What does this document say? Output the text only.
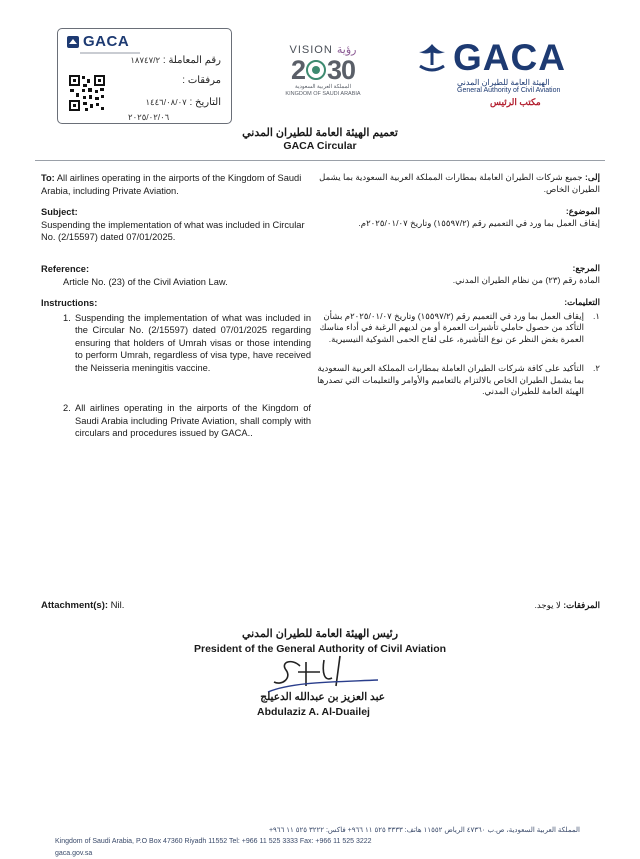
GACA
رقم المعاملة : ١٨٧٤٧/٢
مرفقات :
التاريخ : ١٤٤٦/٠٨/٠٧
٢٠٢٥/٠٢/٠٦
VISION رؤية
2 30
المملكة العربية السعودية
KINGDOM OF SAUDI ARABIA
GACA
الهيئة العامة للطيران المدني
General Authority of Civil Aviation
مكتب الرئيس
تعميم الهيئة العامة للطيران المدني
GACA Circular
To: All airlines operating in the airports of the Kingdom of Saudi Arabia, including Private Aviation.
إلى: جميع شركات الطيران العاملة بمطارات المملكة العربية السعودية بما يشمل الطيران الخاص.
Subject:
Suspending the implementation of what was included in Circular No. (2/15597) dated 07/01/2025.
الموضوع:
إيقاف العمل بما ورد في التعميم رقم (١٥٥٩٧/٢) وتاريخ ٢٠٢٥/٠١/٠٧م.
Reference:
Article No. (23) of the Civil Aviation Law.
المرجع:
المادة رقم (٢٣) من نظام الطيران المدني.
Instructions:
1. Suspending the implementation of what was included in the Circular No. (2/15597) dated 07/01/2025 regarding ensuring that holders of Umrah visas or those intending to perform Umrah, regardless of visa type, have received the Neisseria meningitis vaccine.
2. All airlines operating in the airports of the Kingdom of Saudi Arabia including Private Aviation, shall comply with circulars and procedures issued by GACA..
التعليمات:
١.
إيقاف العمل بما ورد في التعميم رقم (١٥٥٩٧/٢) وتاريخ ٢٠٢٥/٠١/٠٧م بشأن التأكد من حصول حاملي تأشيرات العمرة أو من لديهم الرغبة في أداء مناسك العمرة بغض النظر عن نوع التأشيرة، على لقاح الحمى الشوكية النيسيرية.
٢.
التأكيد على كافة شركات الطيران العاملة بمطارات المملكة العربية السعودية بما يشمل الطيران الخاص بالالتزام بالتعاميم والأوامر والتعليمات التي تصدرها الهيئة العامة للطيران المدني.
Attachment(s): Nil.	المرفقات: لا يوجد.
رئيس الهيئة العامة للطيران المدني
President of the General Authority of Civil Aviation
عبد العزيز بن عبدالله الدعيلج
Abdulaziz A. Al-Duailej
المملكة العربية السعودية، ص.ب ٤٧٣٦٠ الرياض ١١٥٥٢ هاتف: ٣٣٣٣ ٥٢٥ ١١ ٩٦٦+ فاكس: ٣٢٢٢ ٥٢٥ ١١ ٩٦٦+
Kingdom of Saudi Arabia, P.O Box 47360 Riyadh 11552 Tel: +966 11 525 3333 Fax: +966 11 525 3222
gaca.gov.sa
